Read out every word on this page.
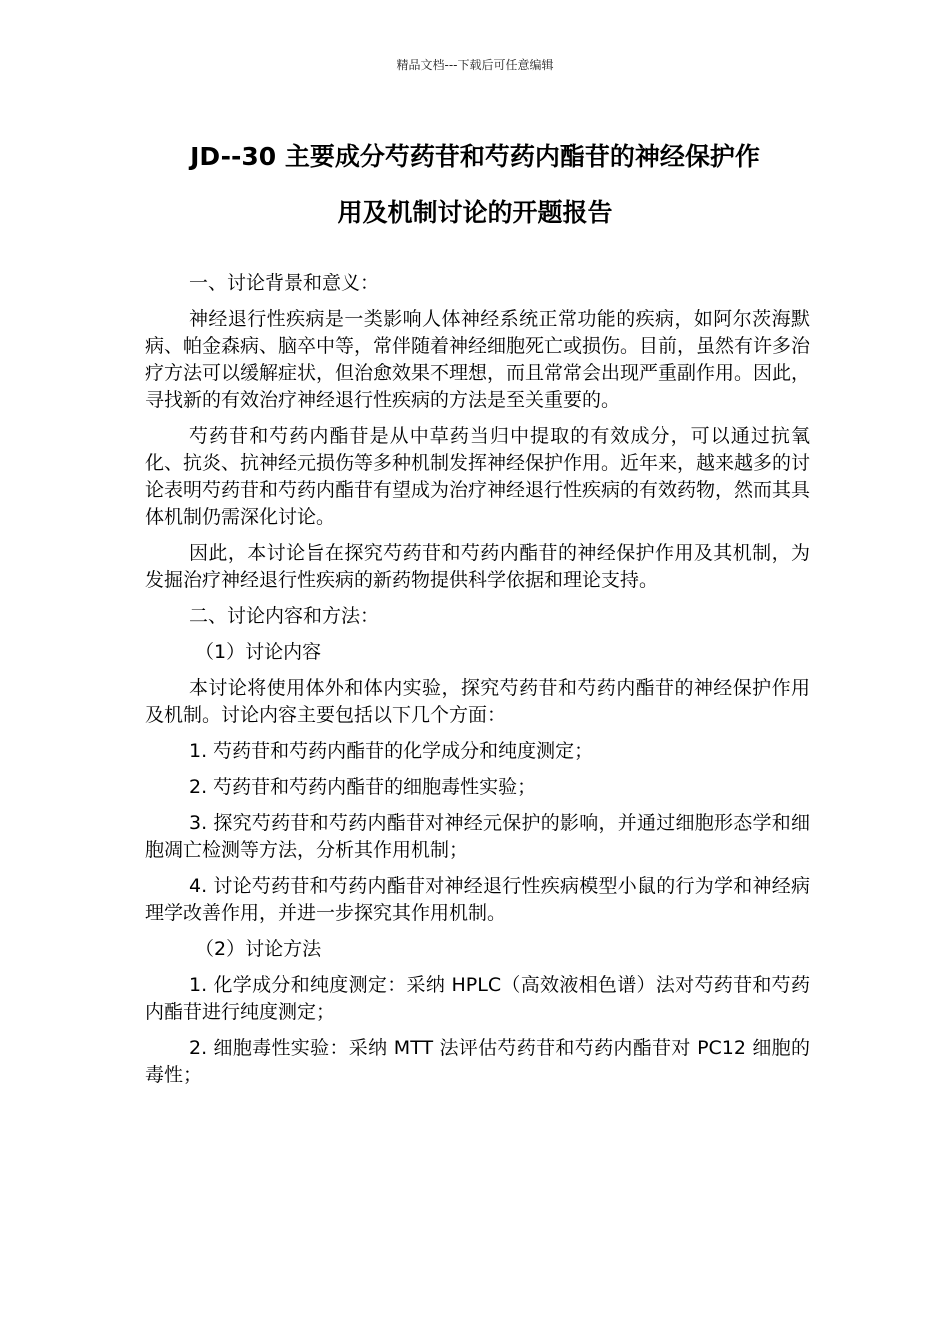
精品文档---下载后可任意编辑
JD--30 主要成分芍药苷和芍药内酯苷的神经保护作
用及机制讨论的开题报告

一、讨论背景和意义：

神经退行性疾病是一类影响人体神经系统正常功能的疾病，如阿尔茨海默病、帕金森病、脑卒中等，常伴随着神经细胞死亡或损伤。目前，虽然有许多治疗方法可以缓解症状，但治愈效果不理想，而且常常会出现严重副作用。因此，寻找新的有效治疗神经退行性疾病的方法是至关重要的。

芍药苷和芍药内酯苷是从中草药当归中提取的有效成分，可以通过抗氧化、抗炎、抗神经元损伤等多种机制发挥神经保护作用。近年来，越来越多的讨论表明芍药苷和芍药内酯苷有望成为治疗神经退行性疾病的有效药物，然而其具体机制仍需深化讨论。

因此，本讨论旨在探究芍药苷和芍药内酯苷的神经保护作用及其机制，为发掘治疗神经退行性疾病的新药物提供科学依据和理论支持。

二、讨论内容和方法：

（1）讨论内容

本讨论将使用体外和体内实验，探究芍药苷和芍药内酯苷的神经保护作用及机制。讨论内容主要包括以下几个方面：

1. 芍药苷和芍药内酯苷的化学成分和纯度测定；

2. 芍药苷和芍药内酯苷的细胞毒性实验；

3. 探究芍药苷和芍药内酯苷对神经元保护的影响，并通过细胞形态学和细胞凋亡检测等方法，分析其作用机制；

4. 讨论芍药苷和芍药内酯苷对神经退行性疾病模型小鼠的行为学和神经病理学改善作用，并进一步探究其作用机制。

（2）讨论方法

1. 化学成分和纯度测定：采纳 HPLC（高效液相色谱）法对芍药苷和芍药内酯苷进行纯度测定；

2. 细胞毒性实验：采纳 MTT 法评估芍药苷和芍药内酯苷对 PC12 细胞的毒性；
